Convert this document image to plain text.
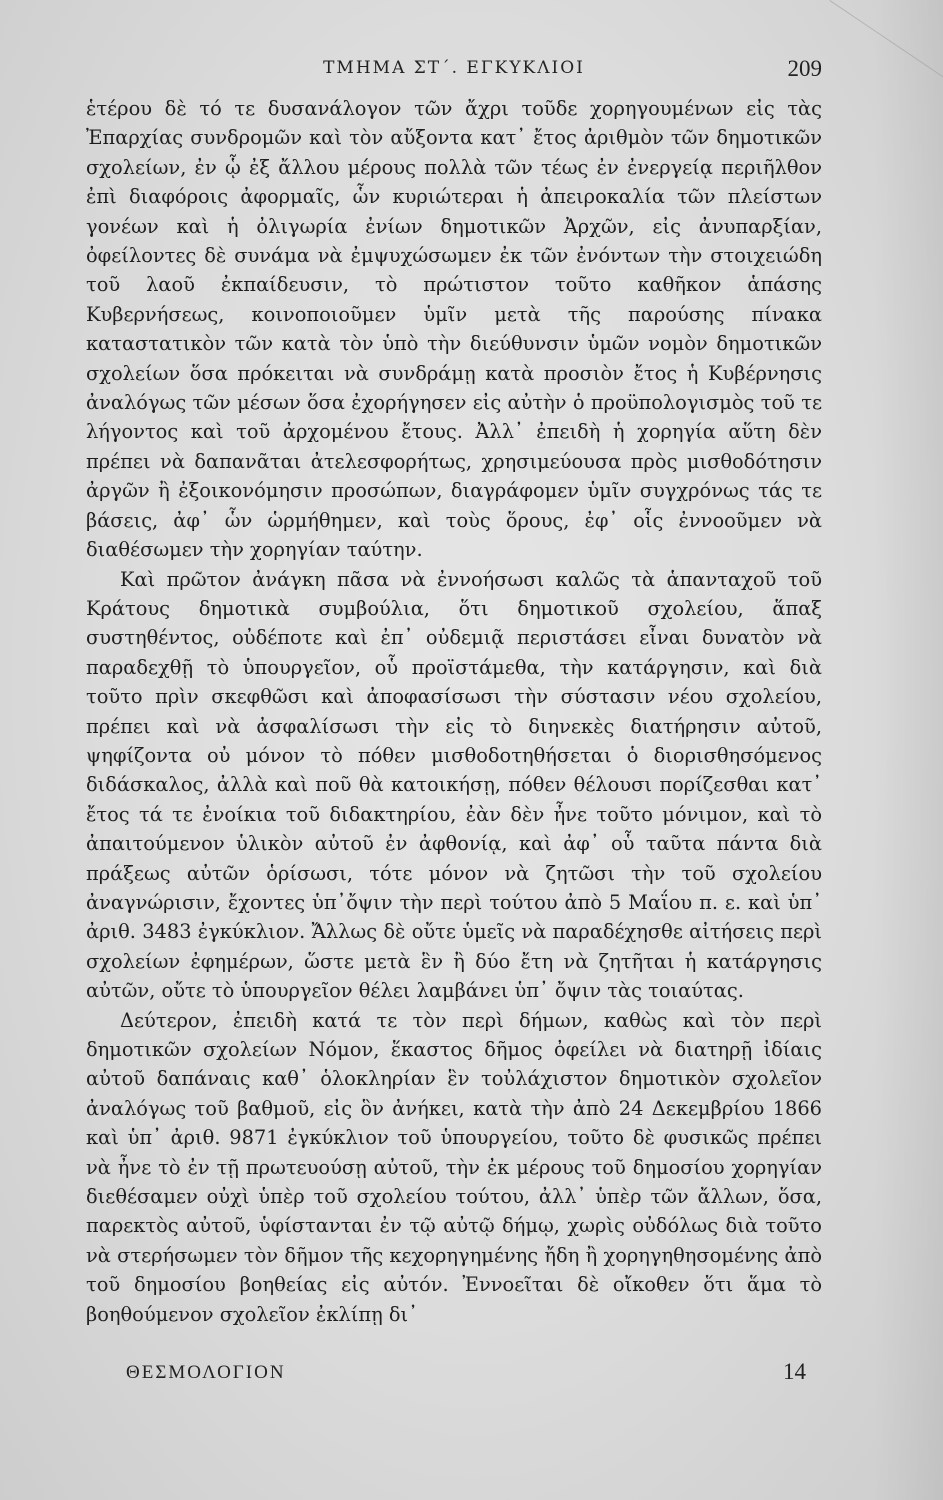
ΤΜΗΜΑ ΣΤ΄. ΕΓΚΥΚΛΙΟΙ	209

ἑτέρου δὲ τό τε δυσανάλογον τῶν ἄχρι τοῦδε χορηγουμένων εἰς τὰς Ἐπαρχίας συνδρομῶν καὶ τὸν αὔξοντα κατ᾿ ἔτος ἀριθμὸν τῶν δημοτικῶν σχολείων, ἐν ᾧ ἐξ ἄλλου μέρους πολλὰ τῶν τέως ἐν ἐνεργείᾳ περιῆλθον ἐπὶ διαφόροις ἀφορμαῖς, ὧν κυριώτεραι ἡ ἀπειροκαλία τῶν πλείστων γονέων καὶ ἡ ὀλιγωρία ἐνίων δημοτικῶν Ἀρχῶν, εἰς ἀνυπαρξίαν, ὀφείλοντες δὲ συνάμα νὰ ἐμψυχώσωμεν ἐκ τῶν ἐνόντων τὴν στοιχειώδη τοῦ λαοῦ ἐκπαίδευσιν, τὸ πρώτιστον τοῦτο καθῆκον ἁπάσης Κυβερνήσεως, κοινοποιοῦμεν ὑμῖν μετὰ τῆς παρούσης πίνακα καταστατικὸν τῶν κατὰ τὸν ὑπὸ τὴν διεύθυνσιν ὑμῶν νομὸν δημοτικῶν σχολείων ὅσα πρόκειται νὰ συνδράμῃ κατὰ προσιὸν ἔτος ἡ Κυβέρνησις ἀναλόγως τῶν μέσων ὅσα ἐχορήγησεν εἰς αὐτὴν ὁ προϋπολογισμὸς τοῦ τε λήγοντος καὶ τοῦ ἀρχομένου ἔτους. Ἀλλ᾿ ἐπειδὴ ἡ χορηγία αὕτη δὲν πρέπει νὰ δαπανᾶται ἀτελεσφορήτως, χρησιμεύουσα πρὸς μισθοδότησιν ἀργῶν ἢ ἐξοικονόμησιν προσώπων, διαγράφομεν ὑμῖν συγχρόνως τάς τε βάσεις, ἀφ᾿ ὧν ὡρμήθημεν, καὶ τοὺς ὅρους, ἐφ᾿ οἷς ἐννοοῦμεν νὰ διαθέσωμεν τὴν χορηγίαν ταύτην.

Καὶ πρῶτον ἀνάγκη πᾶσα νὰ ἐννοήσωσι καλῶς τὰ ἁπανταχοῦ τοῦ Κράτους δημοτικὰ συμβούλια, ὅτι δημοτικοῦ σχολείου, ἅπαξ συστηθέντος, οὐδέποτε καὶ ἐπ᾿ οὐδεμιᾷ περιστάσει εἶναι δυνατὸν νὰ παραδεχθῇ τὸ ὑπουργεῖον, οὗ προϊστάμεθα, τὴν κατάργησιν, καὶ διὰ τοῦτο πρὶν σκεφθῶσι καὶ ἀποφασίσωσι τὴν σύστασιν νέου σχολείου, πρέπει καὶ νὰ ἀσφαλίσωσι τὴν εἰς τὸ διηνεκὲς διατήρησιν αὐτοῦ, ψηφίζοντα οὐ μόνον τὸ πόθεν μισθοδοτηθήσεται ὁ διορισθησόμενος διδάσκαλος, ἀλλὰ καὶ ποῦ θὰ κατοικήσῃ, πόθεν θέλουσι πορίζεσθαι κατ᾿ ἔτος τά τε ἐνοίκια τοῦ διδακτηρίου, ἐὰν δὲν ἦνε τοῦτο μόνιμον, καὶ τὸ ἀπαιτούμενον ὑλικὸν αὐτοῦ ἐν ἀφθονίᾳ, καὶ ἀφ᾿ οὗ ταῦτα πάντα διὰ πράξεως αὐτῶν ὁρίσωσι, τότε μόνον νὰ ζητῶσι τὴν τοῦ σχολείου ἀναγνώρισιν, ἔχοντες ὑπ᾿ὄψιν τὴν περὶ τούτου ἀπὸ 5 Μαΐου π. ε. καὶ ὑπ᾿ ἀριθ. 3483 ἐγκύκλιον. Ἄλλως δὲ οὔτε ὑμεῖς νὰ παραδέχησθε αἰτήσεις περὶ σχολείων ἐφημέρων, ὥστε μετὰ ἓν ἢ δύο ἔτη νὰ ζητῆται ἡ κατάργησις αὐτῶν, οὔτε τὸ ὑπουργεῖον θέλει λαμβάνει ὑπ᾿ ὄψιν τὰς τοιαύτας.

Δεύτερον, ἐπειδὴ κατά τε τὸν περὶ δήμων, καθὼς καὶ τὸν περὶ δημοτικῶν σχολείων Νόμον, ἕκαστος δῆμος ὀφείλει νὰ διατηρῇ ἰδίαις αὐτοῦ δαπάναις καθ᾿ ὁλοκληρίαν ἓν τοὐλάχιστον δημοτικὸν σχολεῖον ἀναλόγως τοῦ βαθμοῦ, εἰς ὃν ἀνήκει, κατὰ τὴν ἀπὸ 24 Δεκεμβρίου 1866 καὶ ὑπ᾿ ἀριθ. 9871 ἐγκύκλιον τοῦ ὑπουργείου, τοῦτο δὲ φυσικῶς πρέπει νὰ ἦνε τὸ ἐν τῇ πρωτευούσῃ αὐτοῦ, τὴν ἐκ μέρους τοῦ δημοσίου χορηγίαν διεθέσαμεν οὐχὶ ὑπὲρ τοῦ σχολείου τούτου, ἀλλ᾿ ὑπὲρ τῶν ἄλλων, ὅσα, παρεκτὸς αὐτοῦ, ὑφίστανται ἐν τῷ αὐτῷ δήμῳ, χωρὶς οὐδόλως διὰ τοῦτο νὰ στερήσωμεν τὸν δῆμον τῆς κεχορηγημένης ἤδη ἢ χορηγηθησομένης ἀπὸ τοῦ δημοσίου βοηθείας εἰς αὐτόν. Ἐννοεῖται δὲ οἴκοθεν ὅτι ἅμα τὸ βοηθούμενον σχολεῖον ἐκλίπῃ δι᾿

ΘΕΣΜΟΛΟΓΙΟΝ	14
